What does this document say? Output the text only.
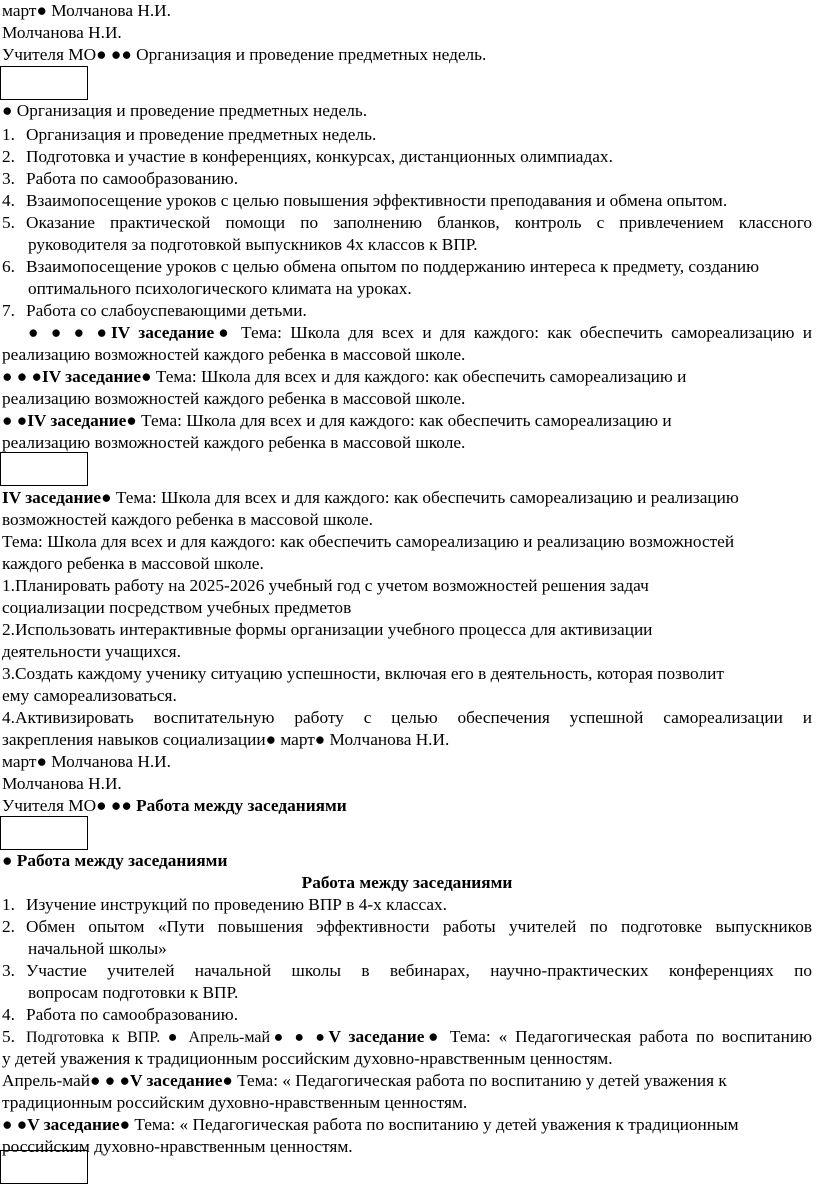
март● Молчанова Н.И.
Молчанова Н.И.
Учителя МО● ●● Организация и проведение предметных недель.
● Организация и проведение предметных недель.
1. Организация и проведение предметных недель.
2. Подготовка и участие в конференциях, конкурсах, дистанционных олимпиадах.
3. Работа по самообразованию.
4. Взаимопосещение уроков с целью повышения эффективности преподавания и обмена опытом.
5. Оказание практической помощи по заполнению бланков, контроль с привлечением классного
руководителя за подготовкой выпускников 4х классов к ВПР.
6. Взаимопосещение уроков с целью обмена опытом по поддержанию интереса к предмету, созданию
оптимального психологического климата на уроках.
7. Работа со слабоуспевающими детьми.
● ● ● ●IV заседание● Тема: Школа для всех и для каждого: как обеспечить самореализацию и
реализацию возможностей каждого ребенка в массовой школе.
● ● ●IV заседание● Тема: Школа для всех и для каждого: как обеспечить самореализацию и
реализацию возможностей каждого ребенка в массовой школе.
● ●IV заседание● Тема: Школа для всех и для каждого: как обеспечить самореализацию и
реализацию возможностей каждого ребенка в массовой школе.
IV заседание● Тема: Школа для всех и для каждого: как обеспечить самореализацию и реализацию
возможностей каждого ребенка в массовой школе.
Тема: Школа для всех и для каждого: как обеспечить самореализацию и реализацию возможностей
каждого ребенка в массовой школе.
1.Планировать работу на 2025-2026 учебный год с учетом возможностей решения задач
социализации посредством учебных предметов
2.Использовать интерактивные формы организации учебного процесса для активизации
деятельности учащихся.
3.Создать каждому ученику ситуацию успешности, включая его в деятельность, которая позволит
ему самореализоваться.
4.Активизировать воспитательную работу с целью обеспечения успешной самореализации и
закрепления навыков социализации● март● Молчанова Н.И.
март● Молчанова Н.И.
Молчанова Н.И.
Учителя МО● ●● Работа между заседаниями
● Работа между заседаниями
Работа между заседаниями
1. Изучение инструкций по проведению ВПР в 4-х классах.
2. Обмен опытом «Пути повышения эффективности работы учителей по подготовке выпускников
начальной школы»
3. Участие учителей начальной школы в вебинарах, научно-практических конференциях по
вопросам подготовки к ВПР.
4. Работа по самообразованию.
5. Подготовка к ВПР. ● Апрель-май● ● ●V заседание● Тема: « Педагогическая работа по воспитанию
у детей уважения к традиционным российским духовно-нравственным ценностям.
Апрель-май● ● ●V заседание● Тема: « Педагогическая работа по воспитанию у детей уважения к
традиционным российским духовно-нравственным ценностям.
● ●V заседание● Тема: « Педагогическая работа по воспитанию у детей уважения к традиционным
российским духовно-нравственным ценностям.
